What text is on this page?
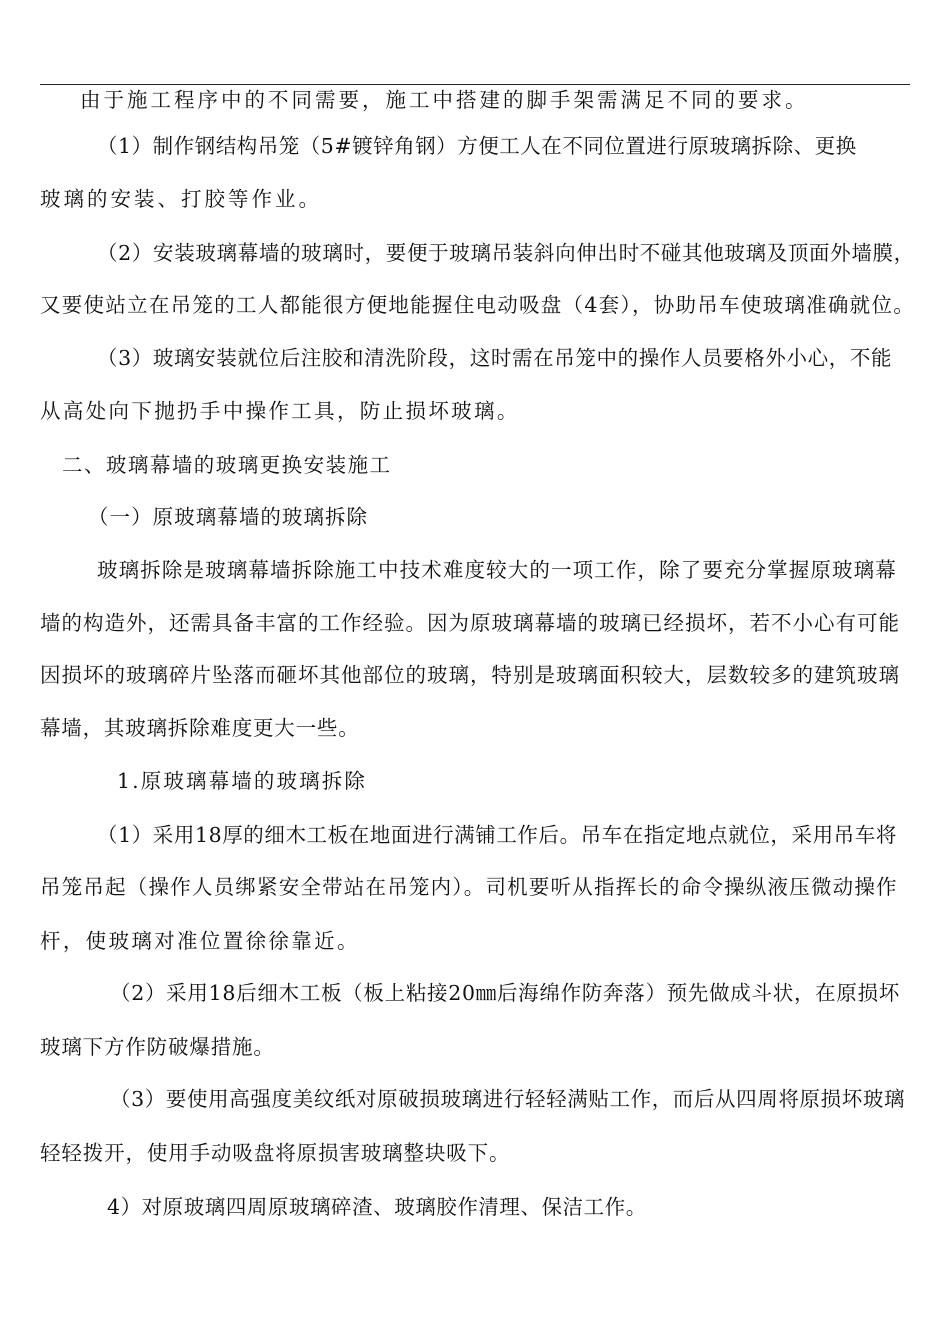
由于施工程序中的不同需要，施工中搭建的脚手架需满足不同的要求。
（1）制作钢结构吊笼（5#镀锌角钢）方便工人在不同位置进行原玻璃拆除、更换
玻璃的安装、打胶等作业。
（2）安装玻璃幕墙的玻璃时，要便于玻璃吊装斜向伸出时不碰其他玻璃及顶面外墙膜，
又要使站立在吊笼的工人都能很方便地能握住电动吸盘（4套），协助吊车使玻璃准确就位。
（3）玻璃安装就位后注胶和清洗阶段，这时需在吊笼中的操作人员要格外小心，不能
从高处向下抛扔手中操作工具，防止损坏玻璃。
二、玻璃幕墙的玻璃更换安装施工
（一）原玻璃幕墙的玻璃拆除
玻璃拆除是玻璃幕墙拆除施工中技术难度较大的一项工作，除了要充分掌握原玻璃幕
墙的构造外，还需具备丰富的工作经验。因为原玻璃幕墙的玻璃已经损坏，若不小心有可能
因损坏的玻璃碎片坠落而砸坏其他部位的玻璃，特别是玻璃面积较大，层数较多的建筑玻璃
幕墙，其玻璃拆除难度更大一些。
1.原玻璃幕墙的玻璃拆除
（1）采用18厚的细木工板在地面进行满铺工作后。吊车在指定地点就位，采用吊车将
吊笼吊起（操作人员绑紧安全带站在吊笼内）。司机要听从指挥长的命令操纵液压微动操作
杆，使玻璃对准位置徐徐靠近。
（2）采用18后细木工板（板上粘接20㎜后海绵作防奔落）预先做成斗状，在原损坏
玻璃下方作防破爆措施。
（3）要使用高强度美纹纸对原破损玻璃进行轻轻满贴工作，而后从四周将原损坏玻璃
轻轻拨开，使用手动吸盘将原损害玻璃整块吸下。
4）对原玻璃四周原玻璃碎渣、玻璃胶作清理、保洁工作。
